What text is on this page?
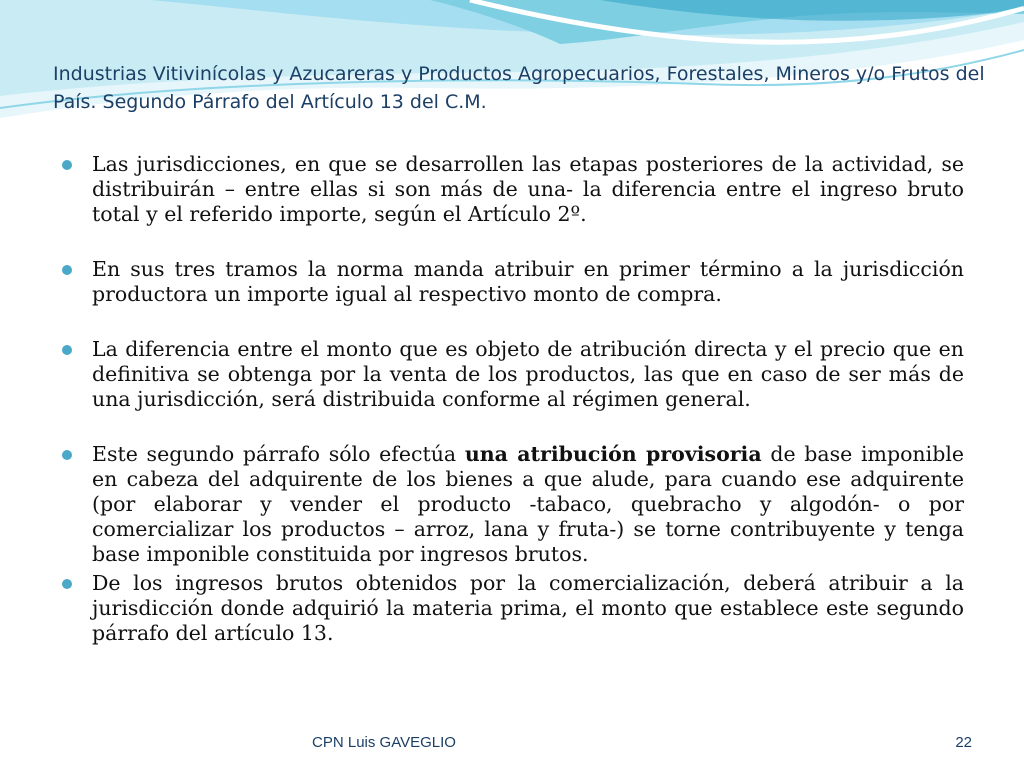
Industrias Vitivinícolas y Azucareras y Productos Agropecuarios, Forestales, Mineros y/o Frutos del País. Segundo Párrafo del Artículo 13 del C.M.
Las jurisdicciones, en que se desarrollen las etapas posteriores de la actividad, se distribuirán – entre ellas si son más de una- la diferencia entre el ingreso bruto total y el referido importe, según el Artículo 2º.
En sus tres tramos la norma manda atribuir en primer término a la jurisdicción productora un importe igual al respectivo monto de compra.
La diferencia entre el monto que es objeto de atribución directa y el precio que en definitiva se obtenga por la venta de los productos, las que en caso de ser más de una jurisdicción, será distribuida conforme al régimen general.
Este segundo párrafo sólo efectúa una atribución provisoria de base imponible en cabeza del adquirente de los bienes a que alude, para cuando ese adquirente (por elaborar y vender el producto -tabaco, quebracho y algodón- o por comercializar los productos – arroz, lana y fruta-) se torne contribuyente y tenga base imponible constituida por ingresos brutos.
De los ingresos brutos obtenidos por la comercialización, deberá atribuir a la jurisdicción donde adquirió la materia prima, el monto que establece este segundo párrafo del artículo 13.
CPN Luis GAVEGLIO	22
